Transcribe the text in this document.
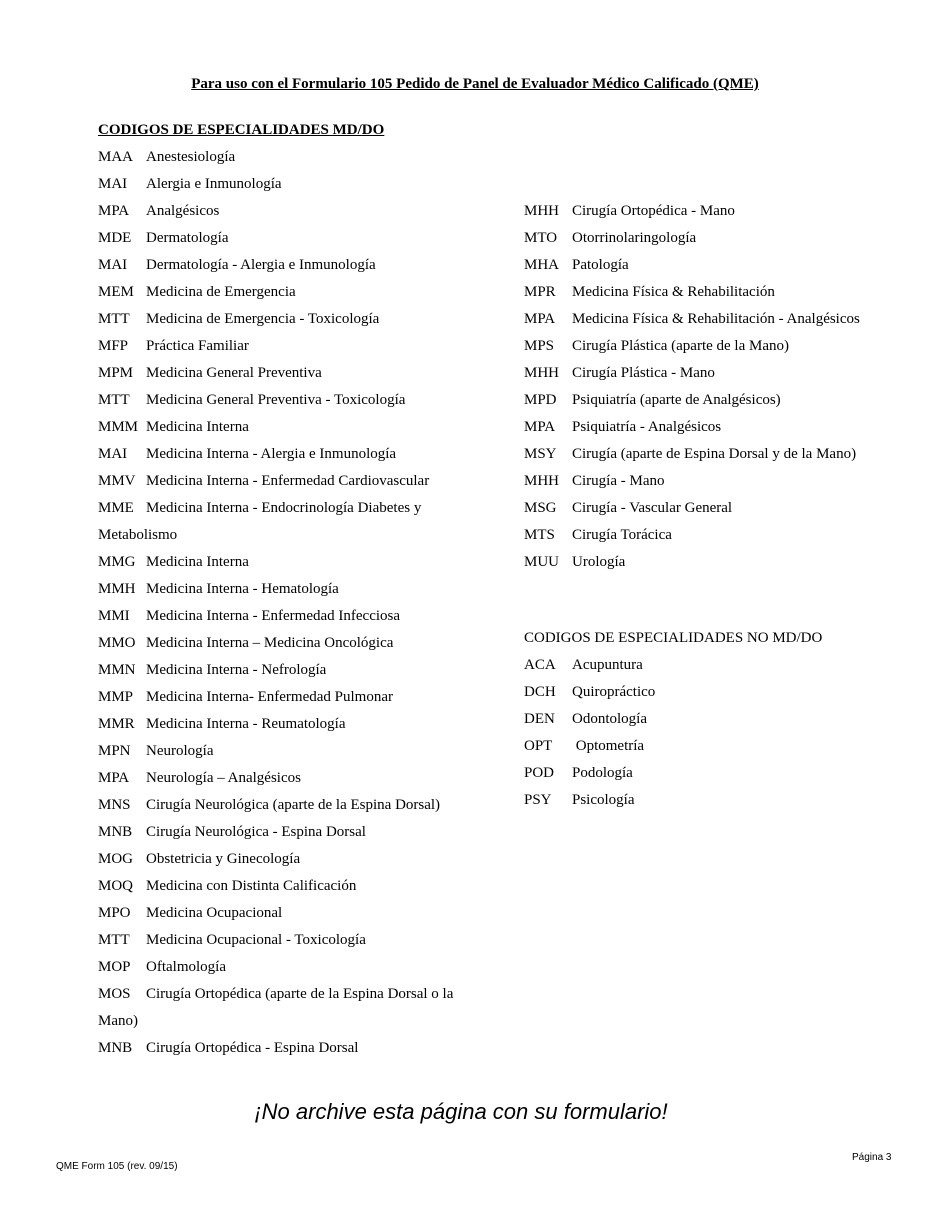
Para uso con el Formulario 105 Pedido de Panel de Evaluador Médico Calificado (QME)
CODIGOS DE ESPECIALIDADES MD/DO
MAA Anestesiología
MAI Alergia e Inmunología
MPA Analgésicos
MDE Dermatología
MAI Dermatología - Alergia e Inmunología
MEM Medicina de Emergencia
MTT Medicina de Emergencia - Toxicología
MFP Práctica Familiar
MPM Medicina General Preventiva
MTT Medicina General Preventiva - Toxicología
MMM Medicina Interna
MAI Medicina Interna - Alergia e Inmunología
MMV Medicina Interna - Enfermedad Cardiovascular
MME Medicina Interna - Endocrinología Diabetes y
Metabolismo
MMG Medicina Interna
MMH Medicina Interna - Hematología
MMI Medicina Interna - Enfermedad Infecciosa
MMO Medicina Interna – Medicina Oncológica
MMN Medicina Interna - Nefrología
MMP Medicina Interna- Enfermedad Pulmonar
MMR Medicina Interna - Reumatología
MPN Neurología
MPA Neurología – Analgésicos
MNS Cirugía Neurológica (aparte de la Espina Dorsal)
MNB Cirugía Neurológica - Espina Dorsal
MOG Obstetricia y Ginecología
MOQ Medicina con Distinta Calificación
MPO Medicina Ocupacional
MTT Medicina Ocupacional - Toxicología
MOP Oftalmología
MOS Cirugía Ortopédica (aparte de la Espina Dorsal o la
Mano)
MNB Cirugía Ortopédica - Espina Dorsal
MHH Cirugía Ortopédica - Mano
MTO Otorrinolaringología
MHA Patología
MPR Medicina Física & Rehabilitación
MPA Medicina Física & Rehabilitación - Analgésicos
MPS Cirugía Plástica (aparte de la Mano)
MHH Cirugía Plástica - Mano
MPD Psiquiatría (aparte de Analgésicos)
MPA Psiquiatría - Analgésicos
MSY Cirugía (aparte de Espina Dorsal y de la Mano)
MHH Cirugía - Mano
MSG Cirugía - Vascular General
MTS Cirugía Torácica
MUU Urología
CODIGOS DE ESPECIALIDADES NO MD/DO
ACA Acupuntura
DCH Quiropráctico
DEN Odontología
OPT Optometría
POD Podología
PSY Psicología
¡No archive esta página con su formulario!
QME Form 105 (rev. 09/15)
Página 3
